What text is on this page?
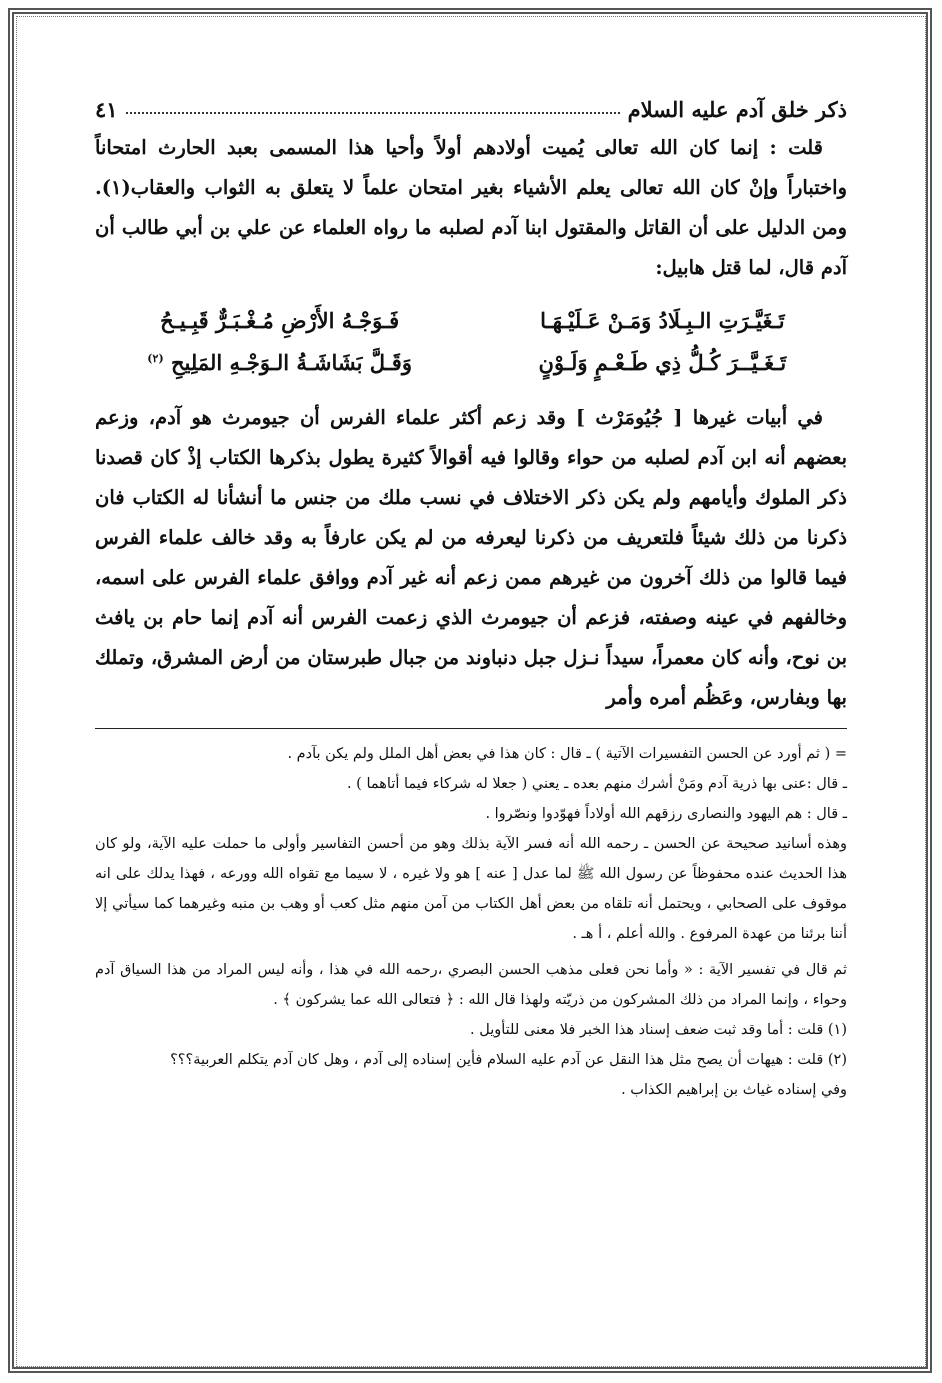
ذكر خلق آدم عليه السلام
٤١

قلت : إنما كان الله تعالى يُميت أولادهم أولاً وأحيا هذا المسمى بعبد الحارث امتحاناً واختباراً وإنْ كان الله تعالى يعلم الأشياء بغير امتحان علماً لا يتعلق به الثواب والعقاب(١). ومن الدليل على أن القاتل والمقتول ابنا آدم لصلبه ما رواه العلماء عن علي بن أبي طالب أن آدم قال، لما قتل هابيل:

تَـغَيَّـرَتِ الـبِـلَادُ وَمَـنْ عَـلَيْـهَـا
فَـوَجْـهُ الأَرْضِ مُـغْـبَـرٌّ قَبِـيـحُ
تَـغَـيَّــرَ كُـلُّ ذِي طَـعْـمٍ وَلَـوْنٍ
وَقَـلَّ بَشَاشَـةُ الـوَجْـهِ المَلِيحِ $^{(٢)}$

في أبيات غيرها [ جُيُومَرْث ] وقد زعم أكثر علماء الفرس أن جيومرث هو آدم، وزعم بعضهم أنه ابن آدم لصلبه من حواء وقالوا فيه أقوالاً كثيرة يطول بذكرها الكتاب إذْ كان قصدنا ذكر الملوك وأيامهم ولم يكن ذكر الاختلاف في نسب ملك من جنس ما أنشأنا له الكتاب فان ذكرنا من ذلك شيئاً فلتعريف من ذكرنا ليعرفه من لم يكن عارفاً به وقد خالف علماء الفرس فيما قالوا من ذلك آخرون من غيرهم ممن زعم أنه غير آدم ووافق علماء الفرس على اسمه، وخالفهم في عينه وصفته، فزعم أن جيومرث الذي زعمت الفرس أنه آدم إنما حام بن يافث بن نوح، وأنه كان معمراً، سيداً نـزل جبل دنباوند من جبال طبرستان من أرض المشرق، وتملك بها وبفارس، وعَظُم أمره وأمر

= ( ثم أورد عن الحسن التفسيرات الآتية ) ـ قال : كان هذا في بعض أهل الملل ولم يكن بآدم .

ـ قال :عنى بها ذرية آدم ومَنْ أشرك منهم بعده ـ يعني ( جعلا له شركاء فيما أتاهما ) .

ـ قال : هم اليهود والنصارى رزقهم الله أولاداً فهوّدوا ونصّروا .

وهذه أسانيد صحيحة عن الحسن ـ رحمه الله أنه فسر الآية بذلك وهو من أحسن التفاسير وأولى ما حملت عليه الآية، ولو كان هذا الحديث عنده محفوظاً عن رسول الله ﷺ لما عدل [ عنه ] هو ولا غيره ، لا سيما مع تقواه الله وورعه ، فهذا يدلك على انه موقوف على الصحابي ، ويحتمل أنه تلقاه من بعض أهل الكتاب من آمن منهم مثل كعب أو وهب بن منبه وغيرهما كما سيأتي إلا أننا برئنا من عهدة المرفوع . والله أعلم ، أ هـ .

ثم قال في تفسير الآية : « وأما نحن فعلى مذهب الحسن البصري ،رحمه الله في هذا ، وأنه ليس المراد من هذا السياق آدم وحواء ، وإنما المراد من ذلك المشركون من ذريّته ولهذا قال الله : ﴿ فتعالى الله عما يشركون ﴾ .

(١) قلت : أما وقد ثبت ضعف إسناد هذا الخبر فلا معنى للتأويل .

(٢) قلت : هيهات أن يصح مثل هذا النقل عن آدم عليه السلام فأين إسناده إلى آدم ، وهل كان آدم يتكلم العربية؟؟؟

وفي إسناده غياث بن إبراهيم الكذاب .
